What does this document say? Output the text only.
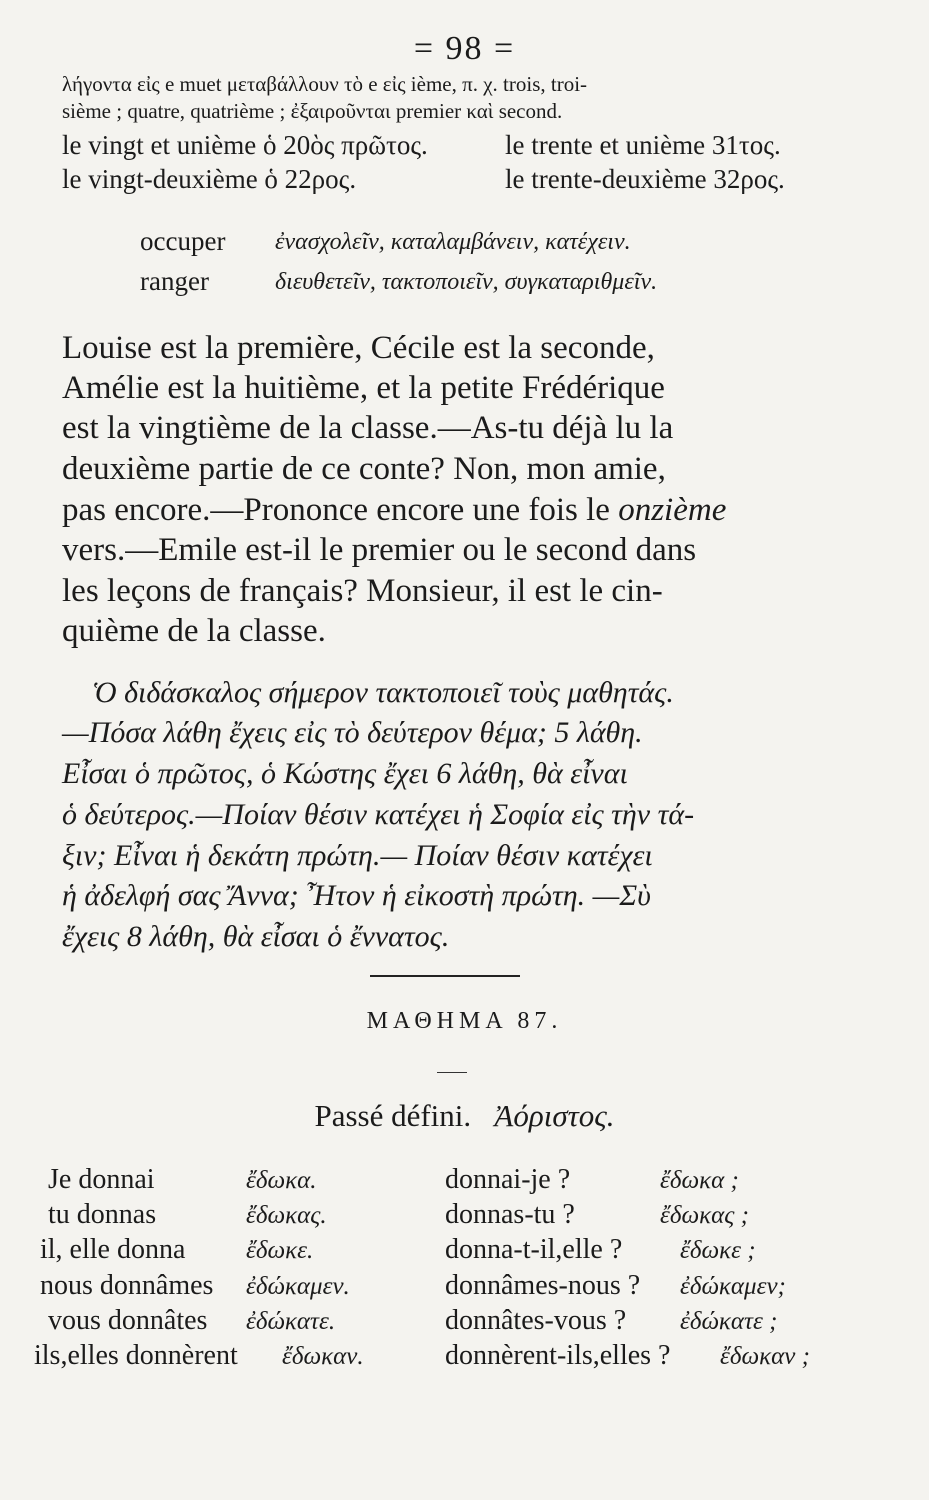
= 98 =
λήγοντα εἰς e muet μεταβάλλουν τὸ e εἰς ième, π. χ. trois, troi-
sième ; quatre, quatrième ; ἐξαιροῦνται premier καὶ second.
le vingt et unième ὁ 20ὸς πρῶτος.	le trente et unième 31τος.
le vingt-deuxième ὁ 22ρος.	le trente-deuxième 32ρος.
occuper ἐνασχολεῖν, καταλαμβάνειν, κατέχειν.
ranger	διευθετεῖν, τακτοποιεῖν, συγκαταριθμεῖν.
Louise est la première, Cécile est la seconde,
Amélie est la huitième, et la petite Frédérique
est la vingtième de la classe.—As-tu déjà lu la
deuxième partie de ce conte? Non, mon amie,
pas encore.—Prononce encore une fois le onzième
vers.—Emile est-il le premier ou le second dans
les leçons de français? Monsieur, il est le cin-
quième de la classe.
Ὁ διδάσκαλος σήμερον τακτοποιεῖ τοὺς μαθητάς.
—Πόσα λάθη ἔχεις εἰς τὸ δεύτερον θέμα; 5 λάθη.
Εἶσαι ὁ πρῶτος, ὁ Κώστης ἔχει 6 λάθη, θὰ εἶναι
ὁ δεύτερος.—Ποίαν θέσιν κατέχει ἡ Σοφία εἰς τὴν τά-
ξιν; Εἶναι ἡ δεκάτη πρώτη.— Ποίαν θέσιν κατέχει
ἡ ἀδελφή σας Ἄννα; Ἦτον ἡ εἰκοστὴ πρώτη. —Σὺ
ἔχεις 8 λάθη, θὰ εἶσαι ὁ ἔννατος.
ΜΑΘΗΜΑ 87.
Passé défini. Ἀόριστος.
Je donnai	ἔδωκα.	donnai-je ?	ἔδωκα ;
tu donnas	ἔδωκας.	donnas-tu ?	ἔδωκας ;
il, elle donna ἔδωκε.	donna-t-il,elle ? ἔδωκε ;
nous donnâmes ἐδώκαμεν.	donnâmes-nous ? ἐδώκαμεν;
vous donnâtes ἐδώκατε.	donnâtes-vous ? ἐδώκατε ;
ils,elles donnèrent ἔδωκαν.	donnèrent-ils,elles ? ἔδωκαν ;
